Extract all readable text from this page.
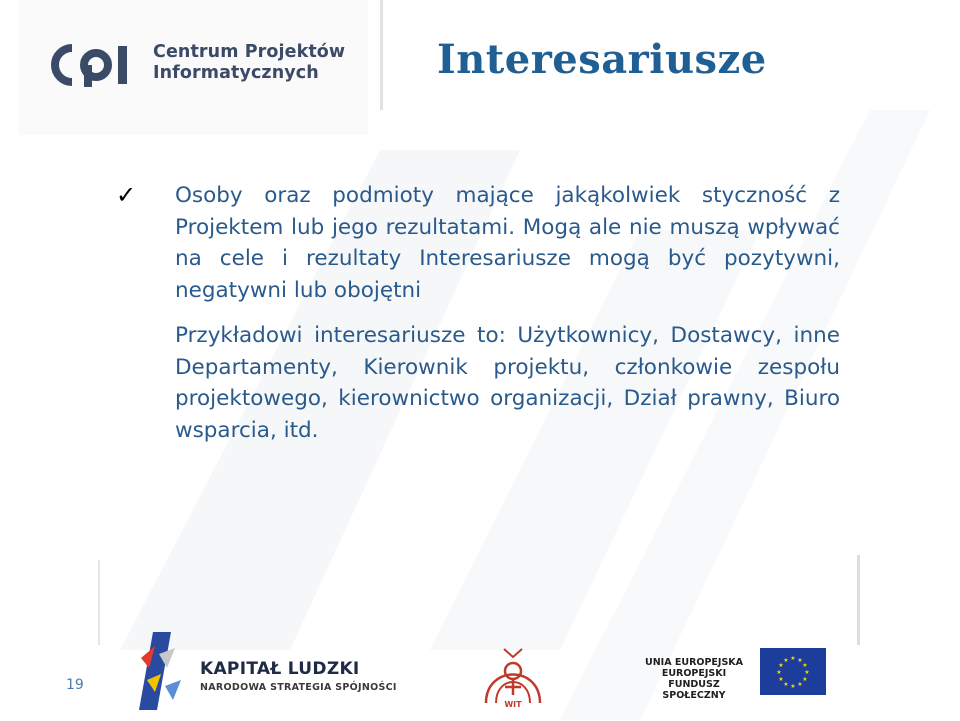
Centrum Projektów
Informatycznych	Interesariusze
✓ Osoby oraz podmioty mające jakąkolwiek styczność z Projektem lub jego rezultatami. Mogą ale nie muszą wpływać na cele i rezultaty Interesariusze mogą być pozytywni, negatywni lub obojętni

Przykładowi interesariusze to: Użytkownicy, Dostawcy, inne Departamenty, Kierownik projektu, członkowie zespołu projektowego, kierownictwo organizacji, Dział prawny, Biuro wsparcia, itd.

19
KAPITAŁ LUDZKI
NARODOWA STRATEGIA SPÓJNOŚCI
WIT
UNIA EUROPEJSKA
EUROPEJSKI
FUNDUSZ SPOŁECZNY
★ ★
★
★
★
★
★
★
★
★
★
★
